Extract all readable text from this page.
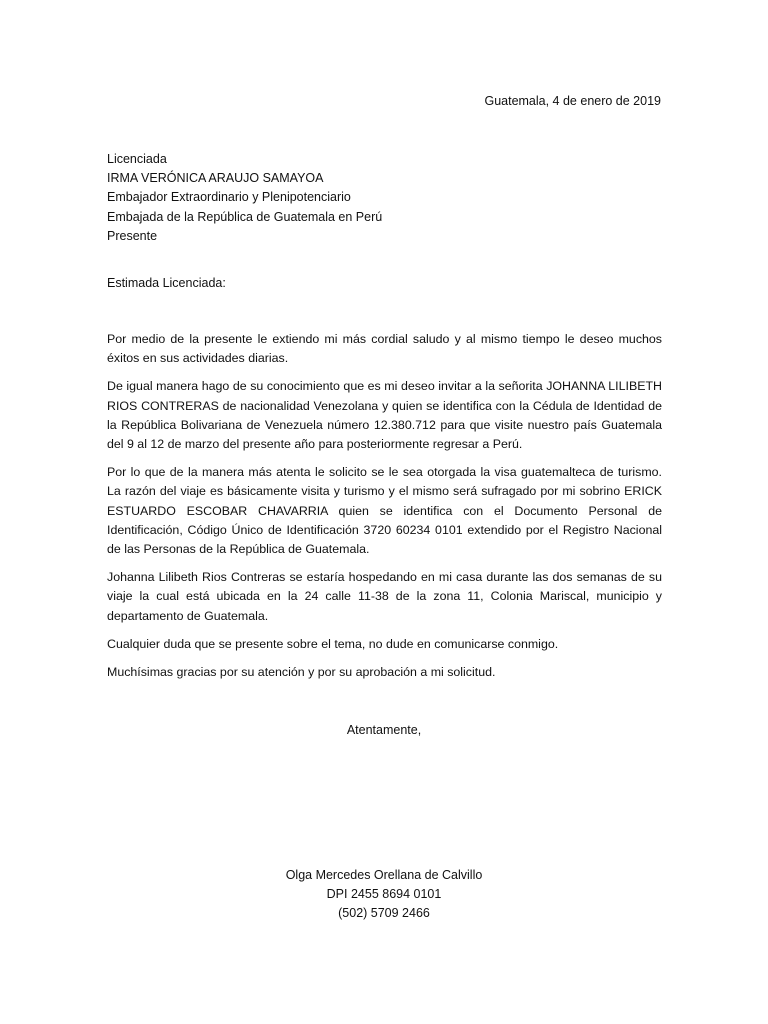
Guatemala, 4 de enero de 2019
Licenciada
IRMA VERÓNICA ARAUJO SAMAYOA
Embajador Extraordinario y Plenipotenciario
Embajada de la República de Guatemala en Perú
Presente
Estimada Licenciada:

Por medio de la presente le extiendo mi más cordial saludo y al mismo tiempo le deseo muchos éxitos en sus actividades diarias.

De igual manera hago de su conocimiento que es mi deseo invitar a la señorita JOHANNA LILIBETH RIOS CONTRERAS de nacionalidad Venezolana y quien se identifica con la Cédula de Identidad de la República Bolivariana de Venezuela número 12.380.712 para que visite nuestro país Guatemala del 9 al 12 de marzo del presente año para posteriormente regresar a Perú.

Por lo que de la manera más atenta le solicito se le sea otorgada la visa guatemalteca de turismo. La razón del viaje es básicamente visita y turismo y el mismo será sufragado por mi sobrino ERICK ESTUARDO ESCOBAR CHAVARRIA quien se identifica con el Documento Personal de Identificación, Código Único de Identificación 3720 60234 0101 extendido por el Registro Nacional de las Personas de la República de Guatemala.

Johanna Lilibeth Rios Contreras se estaría hospedando en mi casa durante las dos semanas de su viaje la cual está ubicada en la 24 calle 11-38 de la zona 11, Colonia Mariscal, municipio y departamento de Guatemala.

Cualquier duda que se presente sobre el tema, no dude en comunicarse conmigo.

Muchísimas gracias por su atención y por su aprobación a mi solicitud.

Atentamente,
Olga Mercedes Orellana de Calvillo
DPI 2455 8694 0101
(502) 5709 2466
